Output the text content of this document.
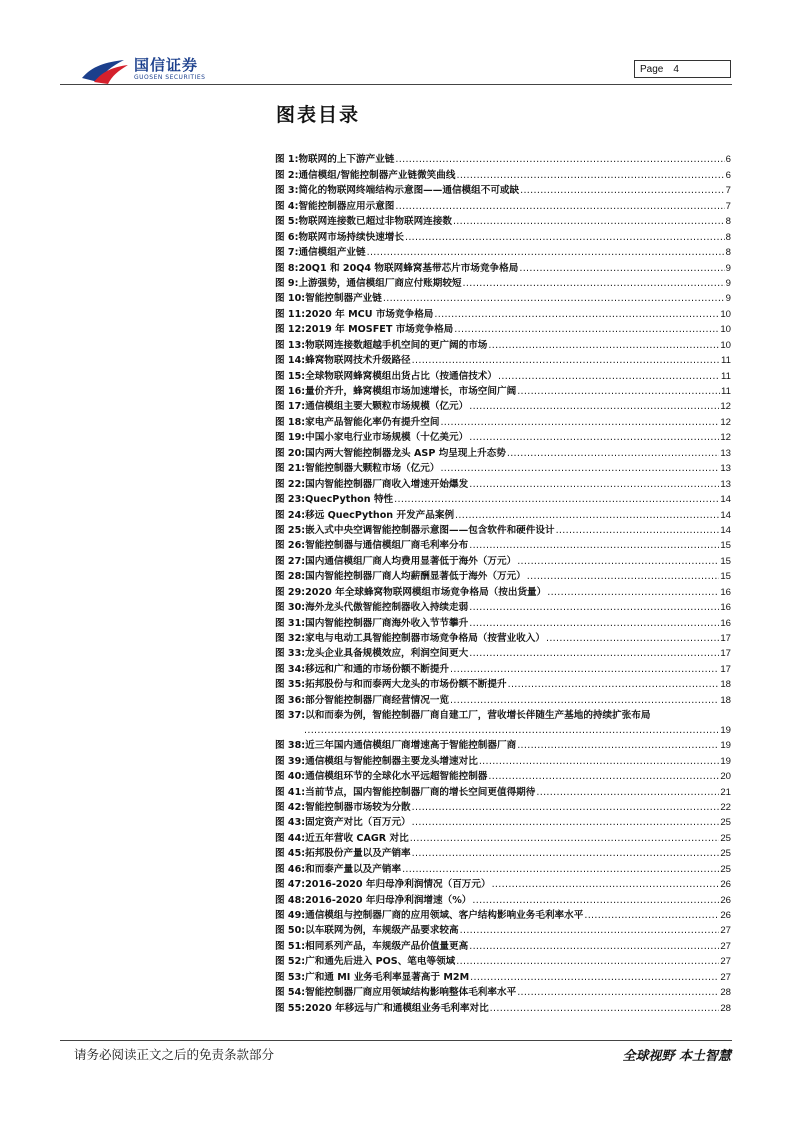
国信证券
GUOSEN SECURITIES
Page 4
图表目录
图 1: 物联网的上下游产业链 .....	6
图 2: 通信模组/智能控制器产业链微笑曲线 .....	6
图 3: 简化的物联网终端结构示意图——通信模组不可或缺 .....	7
图 4: 智能控制器应用示意图 .....	7
图 5: 物联网连接数已超过非物联网连接数 .....	8
图 6: 物联网市场持续快速增长 .....	8
图 7: 通信模组产业链 .....	8
图 8: 20Q1 和 20Q4 物联网蜂窝基带芯片市场竞争格局 .....	9
图 9: 上游强势，通信模组厂商应付账期较短 .....	9
图 10: 智能控制器产业链 .....	9
图 11: 2020 年 MCU 市场竞争格局 .....	10
图 12: 2019 年 MOSFET 市场竞争格局 .....	10
图 13: 物联网连接数超越手机空间的更广阔的市场 .....	10
图 14: 蜂窝物联网技术升级路径 .....	11
图 15: 全球物联网蜂窝模组出货占比（按通信技术） .....	11
图 16: 量价齐升，蜂窝模组市场加速增长，市场空间广阔 .....	11
图 17: 通信模组主要大颗粒市场规模（亿元） .....	12
图 18: 家电产品智能化率仍有提升空间 .....	12
图 19: 中国小家电行业市场规模（十亿美元） .....	12
图 20: 国内两大智能控制器龙头 ASP 均呈现上升态势 .....	13
图 21: 智能控制器大颗粒市场（亿元） .....	13
图 22: 国内智能控制器厂商收入增速开始爆发 .....	13
图 23: QuecPython 特性 .....	14
图 24: 移远 QuecPython 开发产品案例 .....	14
图 25: 嵌入式中央空调智能控制器示意图——包含软件和硬件设计 .....	14
图 26: 智能控制器与通信模组厂商毛利率分布 .....	15
图 27: 国内通信模组厂商人均费用显著低于海外（万元） .....	15
图 28: 国内智能控制器厂商人均薪酬显著低于海外（万元） .....	15
图 29: 2020 年全球蜂窝物联网模组市场竞争格局（按出货量） .....	16
图 30: 海外龙头代傲智能控制器收入持续走弱 .....	16
图 31: 国内智能控制器厂商海外收入节节攀升 .....	16
图 32: 家电与电动工具智能控制器市场竞争格局（按营业收入） .....	17
图 33: 龙头企业具备规模效应，利润空间更大 .....	17
图 34: 移远和广和通的市场份额不断提升 .....	17
图 35: 拓邦股份与和而泰两大龙头的市场份额不断提升 .....	18
图 36: 部分智能控制器厂商经营情况一览 .....	18
图 37:以和而泰为例，智能控制器厂商自建工厂，营收增长伴随生产基地的持续扩张布局
.....
19
图 38: 近三年国内通信模组厂商增速高于智能控制器厂商 .....	19
图 39: 通信模组与智能控制器主要龙头增速对比 .....	19
图 40: 通信模组环节的全球化水平远超智能控制器 .....	20
图 41: 当前节点，国内智能控制器厂商的增长空间更值得期待 .....	21
图 42: 智能控制器市场较为分散 .....	22
图 43: 固定资产对比（百万元） .....	25
图 44: 近五年营收 CAGR 对比 .....	25
图 45: 拓邦股份产量以及产销率 .....	25
图 46: 和而泰产量以及产销率 .....	25
图 47: 2016-2020 年归母净利润情况（百万元） .....	26
图 48: 2016-2020 年归母净利润增速（%） .....	26
图 49: 通信模组与控制器厂商的应用领域、客户结构影响业务毛利率水平 .....	26
图 50: 以车联网为例，车规级产品要求较高 .....	27
图 51: 相同系列产品，车规级产品价值量更高 .....	27
图 52: 广和通先后进入 POS、笔电等领域 .....	27
图 53: 广和通 MI 业务毛利率显著高于 M2M .....	27
图 54: 智能控制器厂商应用领域结构影响整体毛利率水平 .....	28
图 55: 2020 年移远与广和通模组业务毛利率对比 .....	28
请务必阅读正文之后的免责条款部分	全球视野 本土智慧
